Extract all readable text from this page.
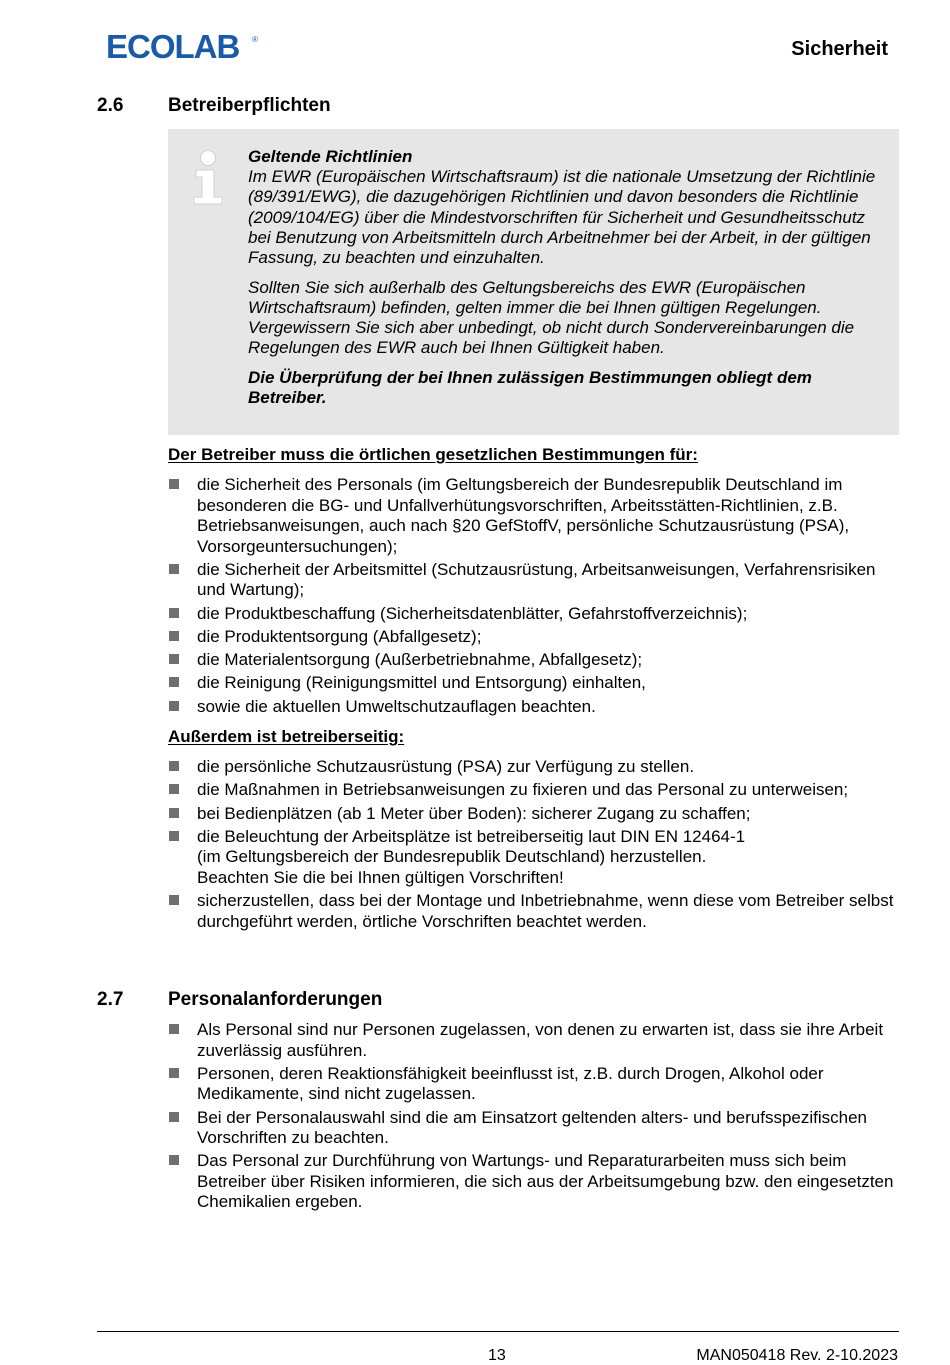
ECOLAB ®	Sicherheit
2.6 Betreiberpflichten

Geltende Richtlinien

Im EWR (Europäischen Wirtschaftsraum) ist die nationale Umsetzung der Richtlinie (89/391/EWG), die dazugehörigen Richtlinien und davon besonders die Richtlinie (2009/104/EG) über die Mindestvorschriften für Sicherheit und Gesundheitsschutz bei Benutzung von Arbeitsmitteln durch Arbeitnehmer bei der Arbeit, in der gültigen Fassung, zu beachten und einzuhalten.

Sollten Sie sich außerhalb des Geltungsbereichs des EWR (Europäischen Wirtschaftsraum) befinden, gelten immer die bei Ihnen gültigen Regelungen. Vergewissern Sie sich aber unbedingt, ob nicht durch Sondervereinbarungen die Regelungen des EWR auch bei Ihnen Gültigkeit haben.

Die Überprüfung der bei Ihnen zulässigen Bestimmungen obliegt dem Betreiber.

Der Betreiber muss die örtlichen gesetzlichen Bestimmungen für:
die Sicherheit des Personals (im Geltungsbereich der Bundesrepublik Deutschland im besonderen die BG- und Unfallverhütungsvorschriften, Arbeitsstätten-Richtlinien, z.B. Betriebsanweisungen, auch nach §20 GefStoffV, persönliche Schutzausrüstung (PSA), Vorsorgeuntersuchungen);
die Sicherheit der Arbeitsmittel (Schutzausrüstung, Arbeitsanweisungen, Verfahrensrisiken und Wartung);
die Produktbeschaffung (Sicherheitsdatenblätter, Gefahrstoffverzeichnis);
die Produktentsorgung (Abfallgesetz);
die Materialentsorgung (Außerbetriebnahme, Abfallgesetz);
die Reinigung (Reinigungsmittel und Entsorgung) einhalten,
sowie die aktuellen Umweltschutzauflagen beachten.
Außerdem ist betreiberseitig:
die persönliche Schutzausrüstung (PSA) zur Verfügung zu stellen.
die Maßnahmen in Betriebsanweisungen zu fixieren und das Personal zu unterweisen;
bei Bedienplätzen (ab 1 Meter über Boden): sicherer Zugang zu schaffen;
die Beleuchtung der Arbeitsplätze ist betreiberseitig laut DIN EN 12464-1
(im Geltungsbereich der Bundesrepublik Deutschland) herzustellen.
Beachten Sie die bei Ihnen gültigen Vorschriften!
sicherzustellen, dass bei der Montage und Inbetriebnahme, wenn diese vom Betreiber selbst durchgeführt werden, örtliche Vorschriften beachtet werden.
2.7 Personalanforderungen
Als Personal sind nur Personen zugelassen, von denen zu erwarten ist, dass sie ihre Arbeit zuverlässig ausführen.
Personen, deren Reaktionsfähigkeit beeinflusst ist, z.B. durch Drogen, Alkohol oder Medikamente, sind nicht zugelassen.
Bei der Personalauswahl sind die am Einsatzort geltenden alters- und berufsspezifischen Vorschriften zu beachten.
Das Personal zur Durchführung von Wartungs- und Reparaturarbeiten muss sich beim Betreiber über Risiken informieren, die sich aus der Arbeitsumgebung bzw. den eingesetzten Chemikalien ergeben.
13	MAN050418 Rev. 2-10.2023
